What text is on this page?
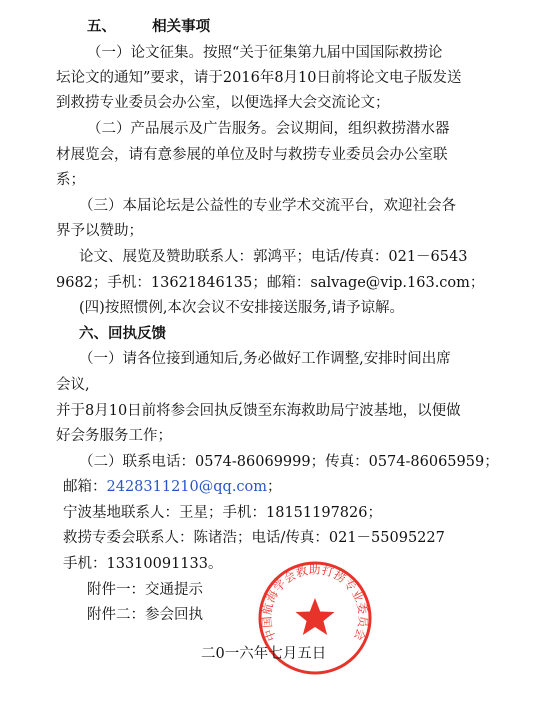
五、 相关事项
（一）论文征集。按照“关于征集第九届中国国际救捞论
坛论文的通知”要求，请于2016年8月10日前将论文电子版发送
到救捞专业委员会办公室，以便选择大会交流论文；
（二）产品展示及广告服务。会议期间，组织救捞潜水器
材展览会，请有意参展的单位及时与救捞专业委员会办公室联
系；
（三）本届论坛是公益性的专业学术交流平台，欢迎社会各
界予以赞助；
论文、展览及赞助联系人：郭鸿平；电话/传真：021－6543
9682；手机：13621846135；邮箱：salvage@vip.163.com；
(四)按照惯例,本次会议不安排接送服务,请予谅解。
六、回执反馈
（一）请各位接到通知后,务必做好工作调整,安排时间出席
会议,
并于8月10日前将参会回执反馈至东海救助局宁波基地，以便做
好会务服务工作；
（二）联系电话：0574-86069999；传真：0574-86065959；
邮箱：2428311210@qq.com；
宁波基地联系人：王星；手机：18151197826；
救捞专委会联系人：陈诸浩；电话/传真：021－55095227
手机：13310091133。
附件一：交通提示
附件二：参会回执
中国航海学会救助打捞专业委员会
二0一六年七月五日
